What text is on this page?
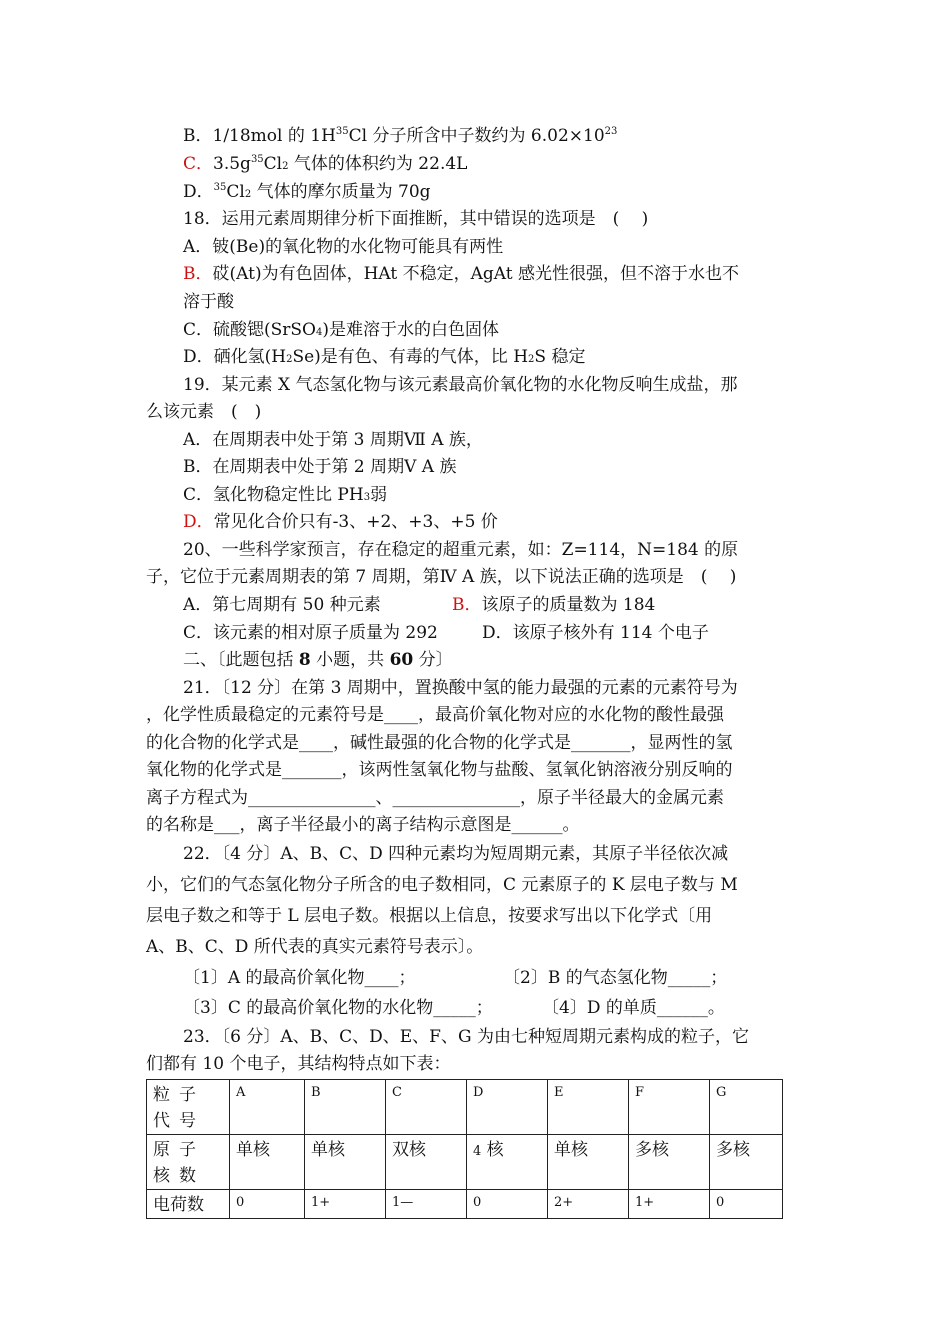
B．1/18mol 的 $1H^{35}Cl$ 分子所含中子数约为 $6.02\times 10^{23}$
C．$3.5g^{35}Cl2$ 气体的体积约为 22.4L
D．$^{35}$Cl2 气体的摩尔质量为 70g
18．运用元素周期律分析下面推断，其中错误的选项是　(　 )
A．铍(Be)的氧化物的水化物可能具有两性
B．砹(At)为有色固体，HAt 不稳定，AgAt 感光性很强，但不溶于水也不
溶于酸
C．硫酸锶(SrSO4)是难溶于水的白色固体
D．硒化氢(H2Se)是有色、有毒的气体，比 H2S 稳定
19．某元素 X 气态氢化物与该元素最高价氧化物的水化物反响生成盐，那
么该元素　(　)
A．在周期表中处于第 3 周期Ⅶ A 族，
B．在周期表中处于第 2 周期Ⅴ A 族
C．氢化物稳定性比 PH3弱
D．常见化合价只有-3、+2、+3、+5 价
20、一些科学家预言，存在稳定的超重元素，如：Z=114，N=184 的原
子，它位于元素周期表的第 7 周期，第Ⅳ A 族，以下说法正确的选项是　(　 )
A．第七周期有 50 种元素	B．该原子的质量数为 184
C．该元素的相对原子质量为 292	D．该原子核外有 114 个电子
二、〔此题包括 8 小题，共 60 分〕
21．〔12 分〕在第 3 周期中，置换酸中氢的能力最强的元素的元素符号为
，化学性质最稳定的元素符号是____，最高价氧化物对应的水化物的酸性最强
的化合物的化学式是____，碱性最强的化合物的化学式是_______，显两性的氢
氧化物的化学式是_______，该两性氢氧化物与盐酸、氢氧化钠溶液分别反响的
离子方程式为_______________、_______________，原子半径最大的金属元素
的名称是___，离子半径最小的离子结构示意图是______。
22．〔4 分〕A、B、C、D 四种元素均为短周期元素，其原子半径依次减
小，它们的气态氢化物分子所含的电子数相同，C 元素原子的 K 层电子数与 M
层电子数之和等于 L 层电子数。根据以上信息，按要求写出以下化学式〔用
A、B、C、D 所代表的真实元素符号表示〕。
〔1〕A 的最高价氧化物____；	〔2〕B 的气态氢化物_____；
〔3〕C 的最高价氧化物的水化物_____；	〔4〕D 的单质______。
23．〔6 分〕A、B、C、D、E、F、G 为由七种短周期元素构成的粒子，它
们都有 10 个电子，其结构特点如下表：
粒子代号	A	B	C	D	E	F	G
原子核数	单核	单核	双核	4 核	单核	多核	多核
电荷数	0	1+	1—	0	2+	1+	0
